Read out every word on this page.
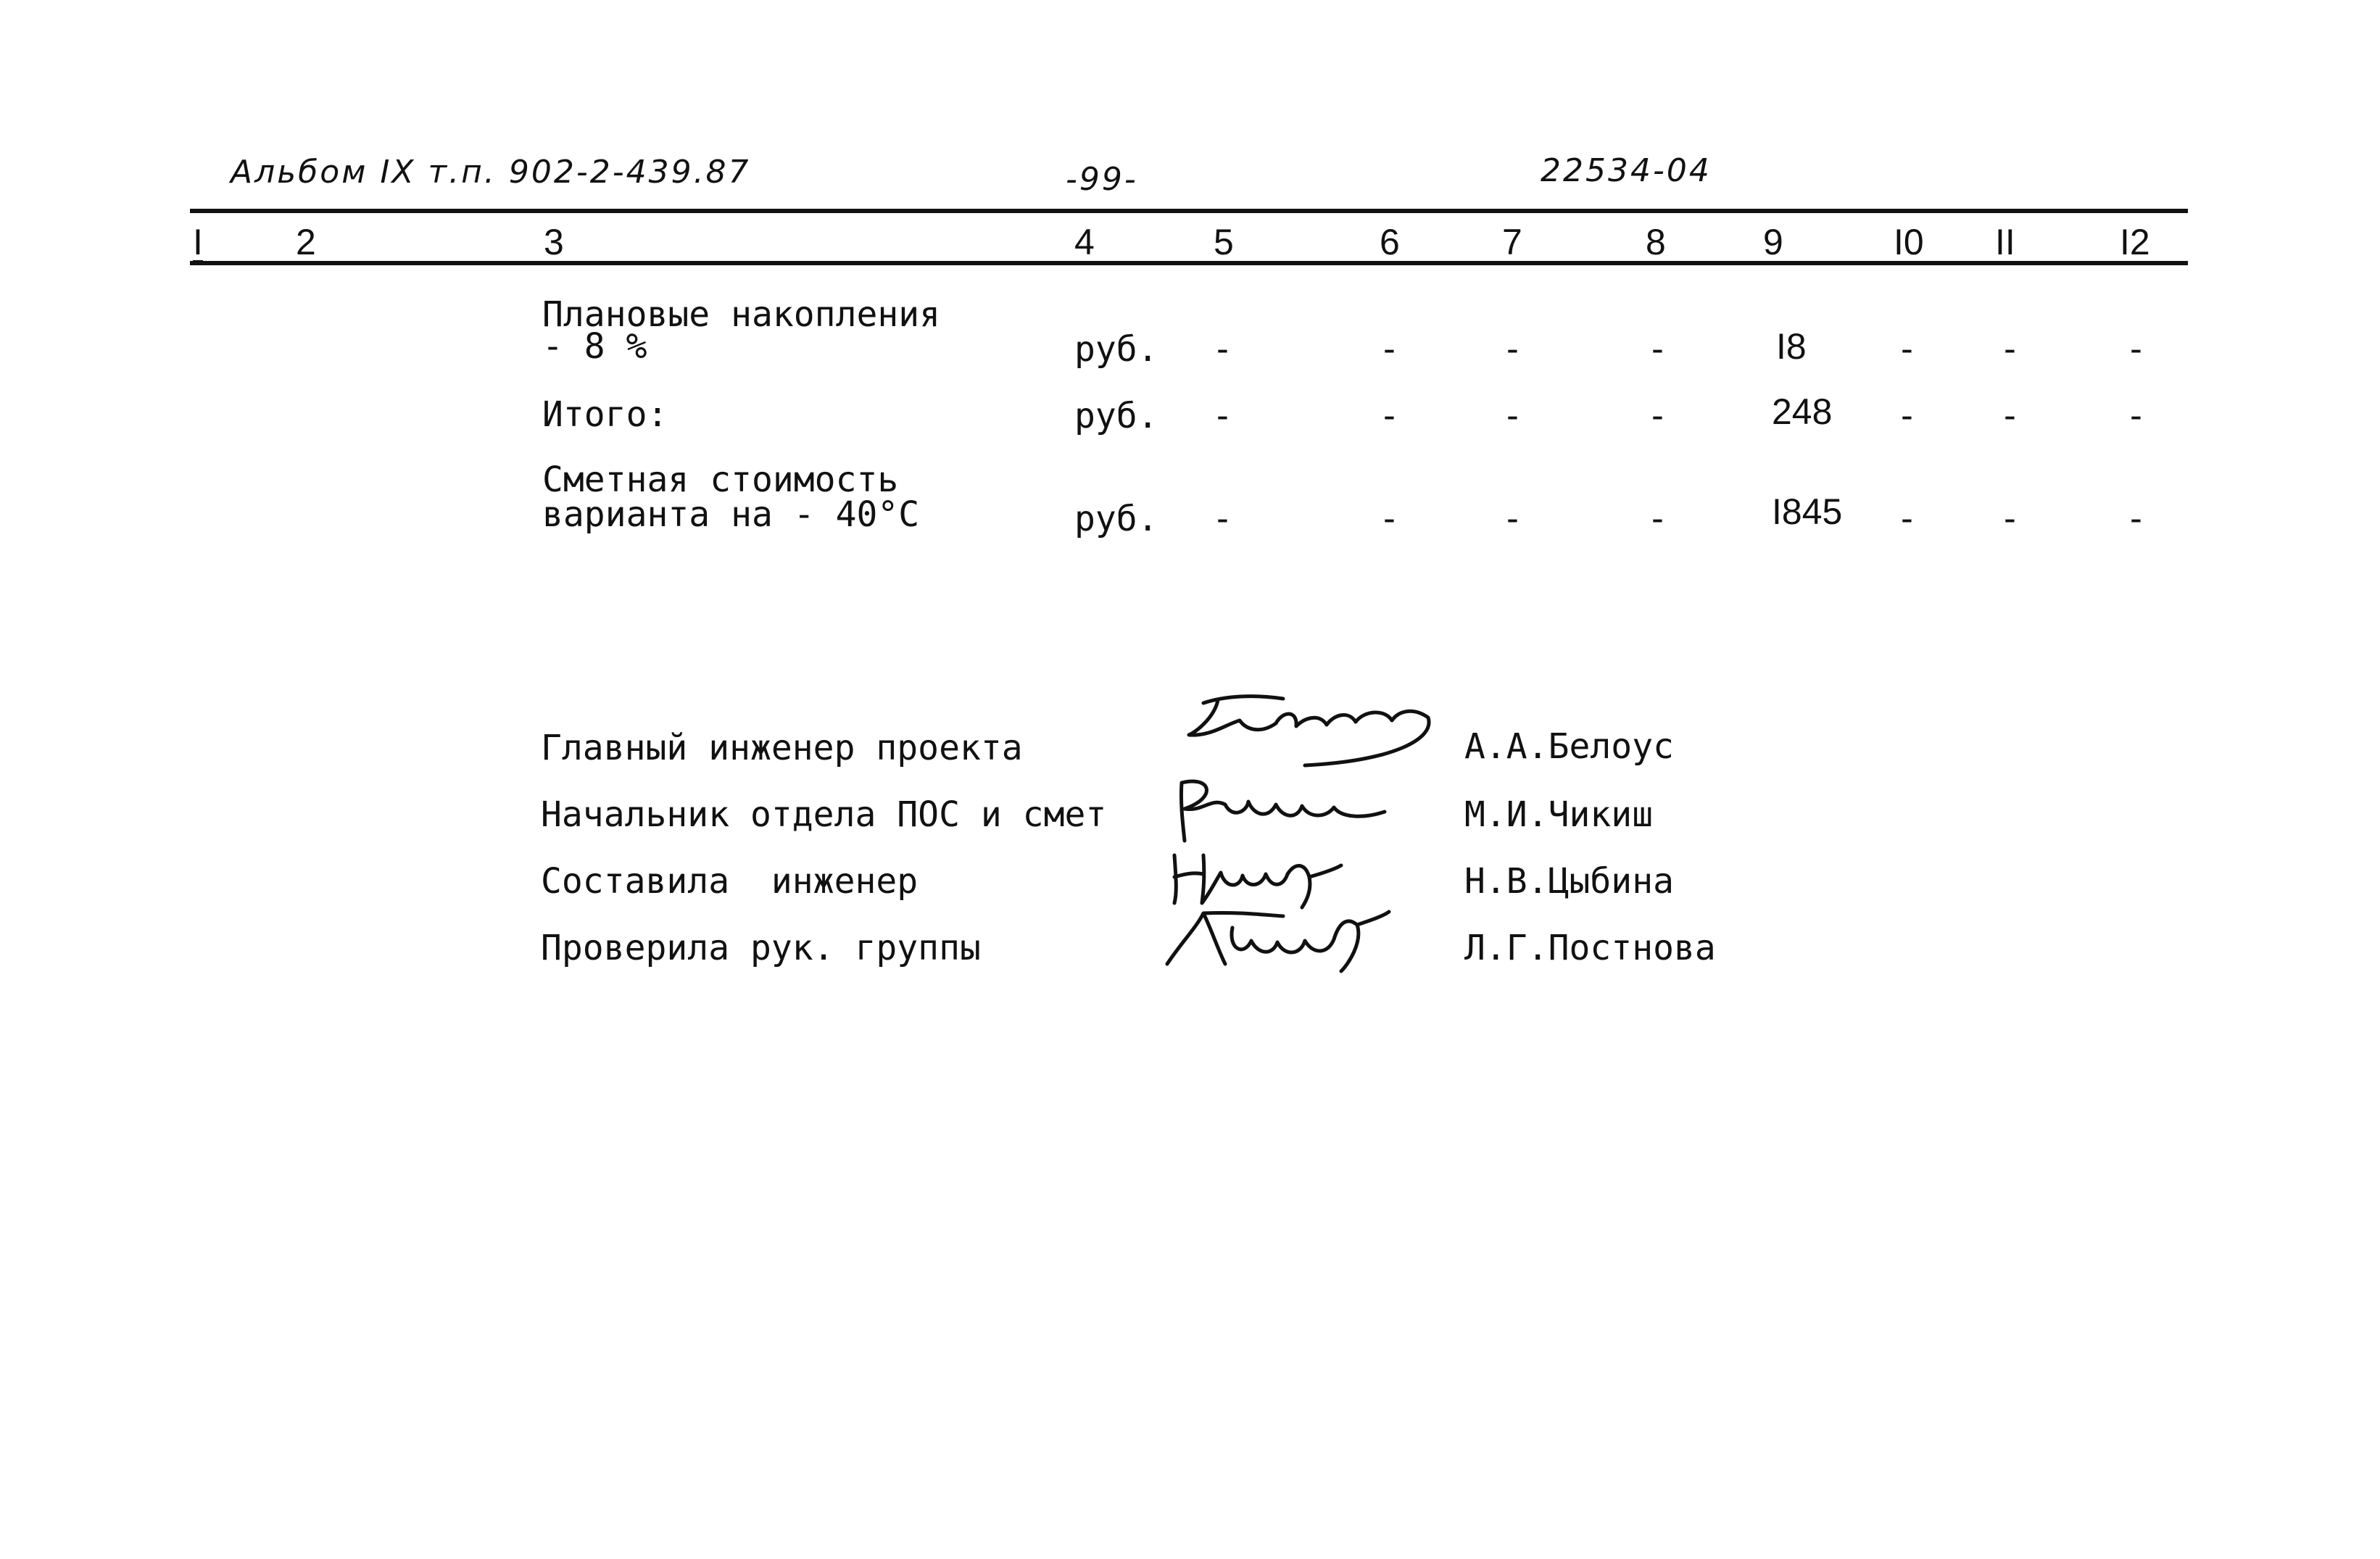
Альбом IX т.п. 902-2-439.87	-99-	22534-04
I	2	3	4	5	6	7	8	9	I0 II	I2
Плановые накопления
- 8 %	руб. -	-	-	-	I8	- -	-
Итого:	руб. -	-	-	-	248 - -	-
Сметная стоимость
варианта на - 40°С	руб. -	-	-	-	I845 - -	-
Главный инженер проекта	А.А.Белоус
Начальник отдела ПОС и смет	М.И.Чикиш
Составила  инженер	Н.В.Цыбина
Проверила рук. группы	Л.Г.Постнова
